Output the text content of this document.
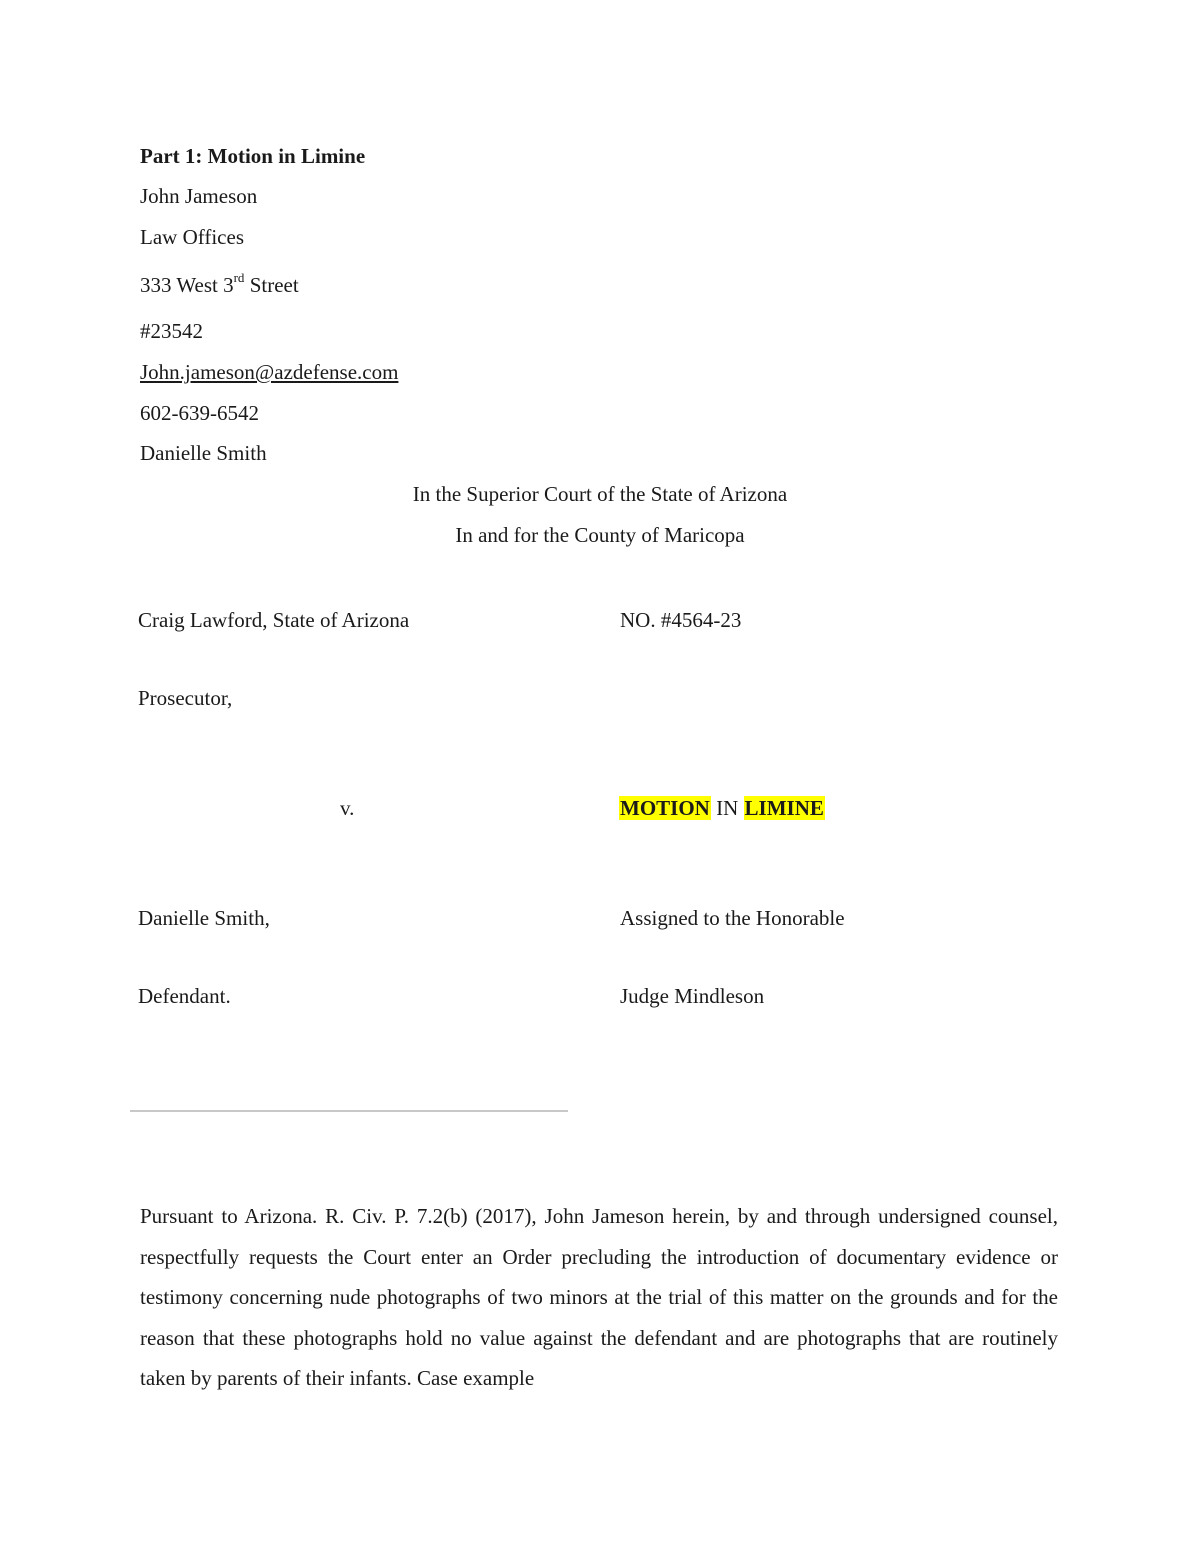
Part 1: Motion in Limine
John Jameson
Law Offices
333 West 3rd Street
#23542
John.jameson@azdefense.com
602-639-6542
Danielle Smith
In the Superior Court of the State of Arizona
In and for the County of Maricopa
Craig Lawford, State of Arizona	NO. #4564-23
Prosecutor,
v.	MOTION IN LIMINE
Danielle Smith,	Assigned to the Honorable
Defendant.	Judge Mindleson
Pursuant to Arizona. R. Civ. P. 7.2(b) (2017), John Jameson herein, by and through undersigned counsel, respectfully requests the Court enter an Order precluding the introduction of documentary evidence or testimony concerning nude photographs of two minors at the trial of this matter on the grounds and for the reason that these photographs hold no value against the defendant and are photographs that are routinely taken by parents of their infants. Case example
